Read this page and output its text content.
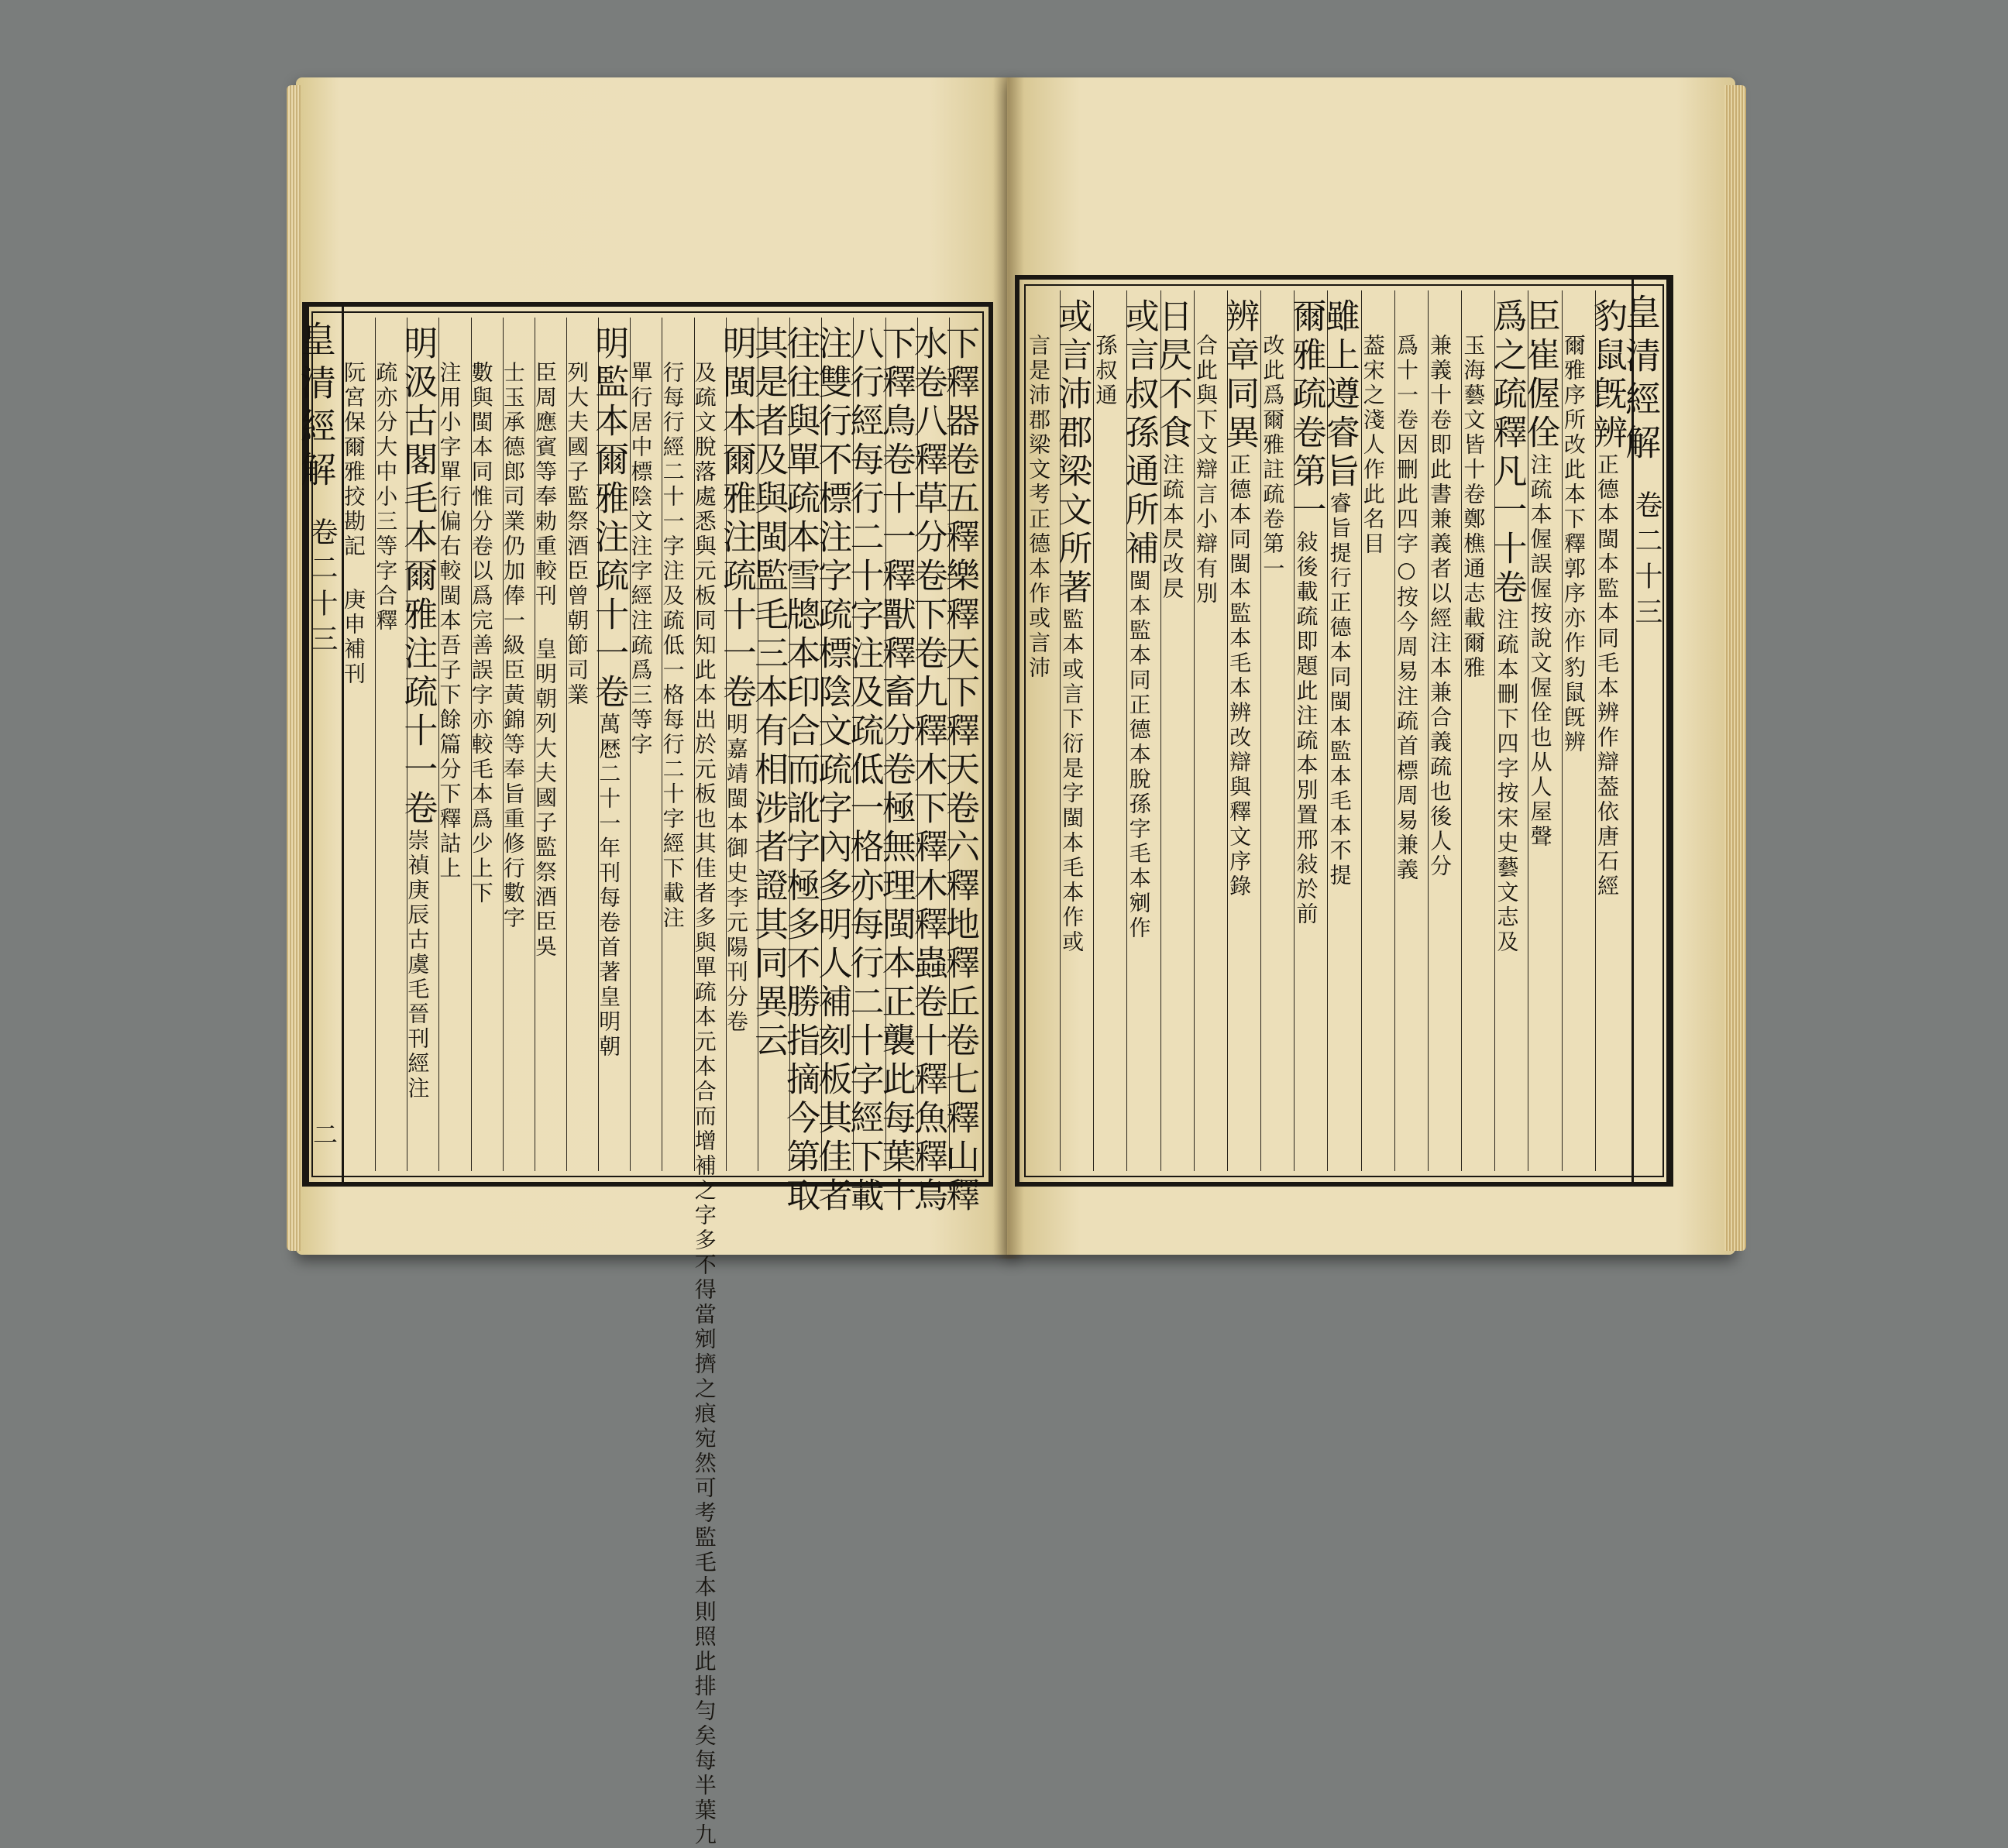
皇清經解
卷二十三
二	下釋器卷五釋樂釋天下釋天卷六釋地釋丘卷七釋山釋
水卷八釋草分卷下卷九釋木下釋木釋蟲卷十釋魚釋鳥
下釋鳥卷十一釋獸釋畜分卷極無理閩本正襲此每葉十
八行經每行二十字注及疏低一格亦每行二十字經下載
注雙行不標注字疏標陰文疏字內多明人補刻板其佳者
往往與單疏本雪牕本印合而訛字極多不勝指摘今第取
其是者及與閩監毛三本有相涉者證其同異云
明閩本爾雅注疏十一卷明嘉靖閩本御史李元陽刊分卷
及疏文脫落處悉與元板同知此本出於元板也其佳者多與單疏本元本合而增補之字多不得當剜擠之痕宛然可考監毛本則照此排勻矣每半葉九
行每行經二十一字注及疏低一格每行二十字經下載注
單行居中標陰文注字經注疏爲三等字
明監本爾雅注疏十一卷萬厯二十一年刊每卷首著皇明朝
列大夫國子監祭酒臣曾朝節司業
臣周應賓等奉勅重較刊 皇明朝列大夫國子監祭酒臣吳
士玉承德郎司業仍加俸一級臣黃錦等奉旨重修行數字
數與閩本同惟分卷以爲完善誤字亦較毛本爲少上下
注用小字單行偏右較閩本吾子下餘篇分下釋詁上
明汲古閣毛本爾雅注疏十一卷崇禎庚辰古虞毛晉刊經注
疏亦分大中小三等字合釋
阮宮保爾雅挍勘記 庚申補刊	皇清經解
卷二十三
豹鼠旣辨正德本閩本監本同毛本辨作辯葢依唐石經
爾雅序所改此本下釋郭序亦作豹鼠旣辨
臣崔偓佺注疏本偓誤偓按說文偓佺也从人屋聲
爲之疏釋凡一十卷注疏本刪下四字按宋史藝文志及
玉海藝文皆十卷鄭樵通志載爾雅
兼義十卷即此書兼義者以經注本兼合義疏也後人分
爲十一卷因刪此四字○按今周易注疏首標周易兼義
葢宋之淺人作此名目
雖上遵睿旨睿旨提行正德本同閩本監本毛本不提
爾雅疏卷第一敍後載疏即題此注疏本別置邢敍於前
改此爲爾雅註疏卷第一
辨章同異正德本同閩本監本毛本辨改辯與釋文序錄
合此與下文辯言小辯有別
日昃不食注疏本昃改昃
或言叔孫通所補閩本監本同正德本脫孫字毛本剜作
孫叔通
或言沛郡梁文所著監本或言下衍是字閩本毛本作或
言是沛郡梁文考正德本作或言沛
